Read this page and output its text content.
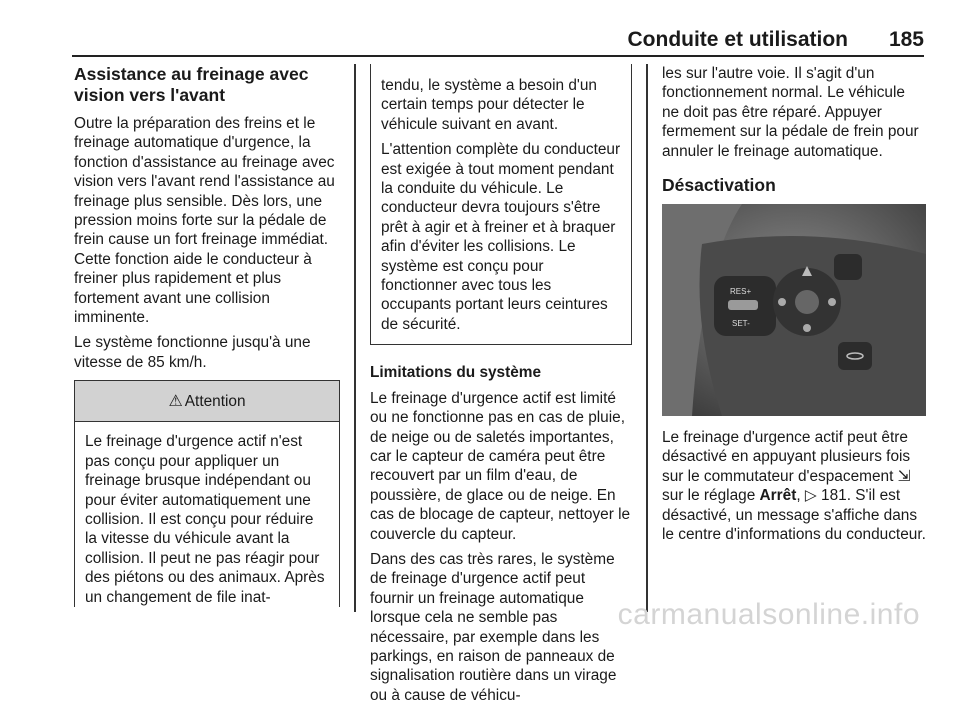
Conduite et utilisation 185
Assistance au freinage avec
vision vers l'avant

Outre la préparation des freins et le freinage automatique d'urgence, la fonction d'assistance au freinage avec vision vers l'avant rend l'assistance au freinage plus sensible. Dès lors, une pression moins forte sur la pédale de frein cause un fort freinage immédiat. Cette fonction aide le conducteur à freiner plus rapidement et plus fortement avant une collision imminente.

Le système fonctionne jusqu'à une vitesse de 85 km/h.

⚠ Attention
Le freinage d'urgence actif n'est pas conçu pour appliquer un freinage brusque indépendant ou pour éviter automatiquement une collision. Il est conçu pour réduire la vitesse du véhicule avant la collision. Il peut ne pas réagir pour des piétons ou des animaux. Après un changement de file inat-

tendu, le système a besoin d'un certain temps pour détecter le véhicule suivant en avant.

L'attention complète du conducteur est exigée à tout moment pendant la conduite du véhicule. Le conducteur devra toujours s'être prêt à agir et à freiner et à braquer afin d'éviter les collisions. Le système est conçu pour fonctionner avec tous les occupants portant leurs ceintures de sécurité.

Limitations du système

Le freinage d'urgence actif est limité ou ne fonctionne pas en cas de pluie, de neige ou de saletés importantes, car le capteur de caméra peut être recouvert par un film d'eau, de poussière, de glace ou de neige. En cas de blocage de capteur, nettoyer le couvercle du capteur.

Dans des cas très rares, le système de freinage d'urgence actif peut fournir un freinage automatique lorsque cela ne semble pas nécessaire, par exemple dans les parkings, en raison de panneaux de signalisation routière dans un virage ou à cause de véhicu-

les sur l'autre voie. Il s'agit d'un fonctionnement normal. Le véhicule ne doit pas être réparé. Appuyer fermement sur la pédale de frein pour annuler le freinage automatique.

Désactivation
RES+
SET-

Le freinage d'urgence actif peut être désactivé en appuyant plusieurs fois sur le commutateur d'espacement ⇲ sur le réglage Arrêt, ▷ 181. S'il est désactivé, un message s'affiche dans le centre d'informations du conducteur.

carmanualsonline.info
